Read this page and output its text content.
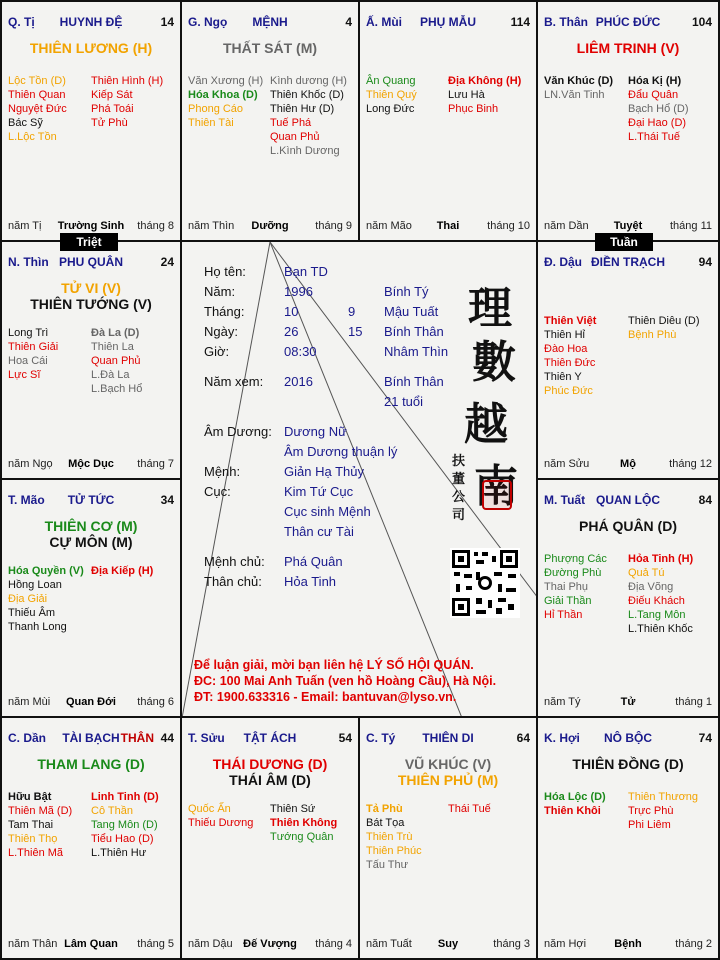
Q. Tị	HUYNH ĐỆ	14
THIÊN LƯƠNG (H)
Lộc Tồn (D)
Thiên Quan
Nguyệt Đức
Bác Sỹ
L.Lộc Tồn
Thiên Hình (H)
Kiếp Sát
Phá Toái
Tử Phù
năm Tị	Trường Sinh	tháng 8
G. Ngọ	MỆNH	4
THẤT SÁT (M)
Văn Xương (H)
Hóa Khoa (D)
Phong Cáo
Thiên Tài
Kình dương (H)
Thiên Khốc (D)
Thiên Hư (D)
Tuế Phá
Quan Phủ
L.Kình Dương
năm Thìn	Dưỡng	tháng 9
Ấ. Mùi	PHỤ MẪU	114
Ân Quang
Thiên Quý
Long Đức
Địa Không (H)
Lưu Hà
Phục Binh
năm Mão	Thai	tháng 10
B. Thân PHÚC ĐỨC	104
LIÊM TRINH (V)
Văn Khúc (D)
LN.Văn Tinh
Hóa Kị (H)
Đẩu Quân
Bạch Hổ (D)
Đại Hao (D)
L.Thái Tuế
năm Dần	Tuyệt	tháng 11
N. Thìn PHU QUÂN	24
TỬ VI (V)
THIÊN TƯỚNG (V)
Long Trì
Thiên Giải
Hoa Cái
Lực Sĩ
Đà La (D)
Thiên La
Quan Phủ
L.Đà La
L.Bạch Hổ
năm Ngọ	Mộc Dục	tháng 7
Đ. Dậu ĐIỀN TRẠCH	94
Thiên Việt
Thiên Hỉ
Đào Hoa
Thiên Đức
Thiên Y
Phúc Đức
Thiên Diêu (D)
Bệnh Phù
năm Sửu	Mộ	tháng 12
T. Mão	TỬ TỨC	34
THIÊN CƠ (M)
CỰ MÔN (M)
Hóa Quyền (V)
Hồng Loan
Địa Giải
Thiếu Âm
Thanh Long
Địa Kiếp (H)
năm Mùi	Quan Đới	tháng 6
M. Tuất QUAN LỘC	84
PHÁ QUÂN (D)
Phượng Các
Đường Phù
Thai Phụ
Giải Thần
Hỉ Thần
Hỏa Tinh (H)
Quả Tú
Địa Võng
Điếu Khách
L.Tang Môn
L.Thiên Khốc
năm Tý	Tử	tháng 1
C. Dần	TÀI BẠCH THÂN 44
THAM LANG (D)
Hữu Bật
Thiên Mã (D)
Tam Thai
Thiên Thọ
L.Thiên Mã
Linh Tinh (D)
Cô Thần
Tang Môn (D)
Tiểu Hao (D)
L.Thiên Hư
năm Thân Lâm Quan	tháng 5
T. Sửu	TẬT ÁCH	54
THÁI DƯƠNG (D)
THÁI ÂM (D)
Quốc Ấn
Thiếu Dương
Thiên Sứ
Thiên Không
Tướng Quân
năm Dậu Đế Vượng	tháng 4
C. Tý	THIÊN DI	64
VŨ KHÚC (V)
THIÊN PHỦ (M)
Tả Phù
Bát Tọa
Thiên Trù
Thiên Phúc
Tấu Thư
Thái Tuế
năm Tuất	Suy	tháng 3
K. Hợi	NÔ BỘC	74
THIÊN ĐỒNG (D)
Hóa Lộc (D)
Thiên Khôi
Thiên Thương
Trực Phù
Phi Liêm
năm Hợi	Bệnh	tháng 2
Họ tên:	Bạn TD
Năm:	1996	Bính Tý
Tháng:	10	9 Mậu Tuất
Ngày:	26	15 Bính Thân
Giờ:	08:30	Nhâm Thìn
Năm xem: 2016	Bính Thân
21 tuổi
Âm Dương: Dương Nữ
Âm Dương thuận lý
Mệnh:	Giản Hạ Thủy
Cục:	Kim Tứ Cục
Cục sinh Mệnh
Thân cư Tài
Mệnh chủ: Phá Quân
Thân chủ: Hỏa Tinh
理
數
越
南
扶
董
公
司
Để luận giải, mời bạn liên hệ LÝ SỐ HỘI QUÁN.
ĐC: 100 Mai Anh Tuấn (ven hồ Hoàng Cầu), Hà Nội.
ĐT: 1900.633316 - Email: bantuvan@lyso.vn.
Triệt	Tuần
